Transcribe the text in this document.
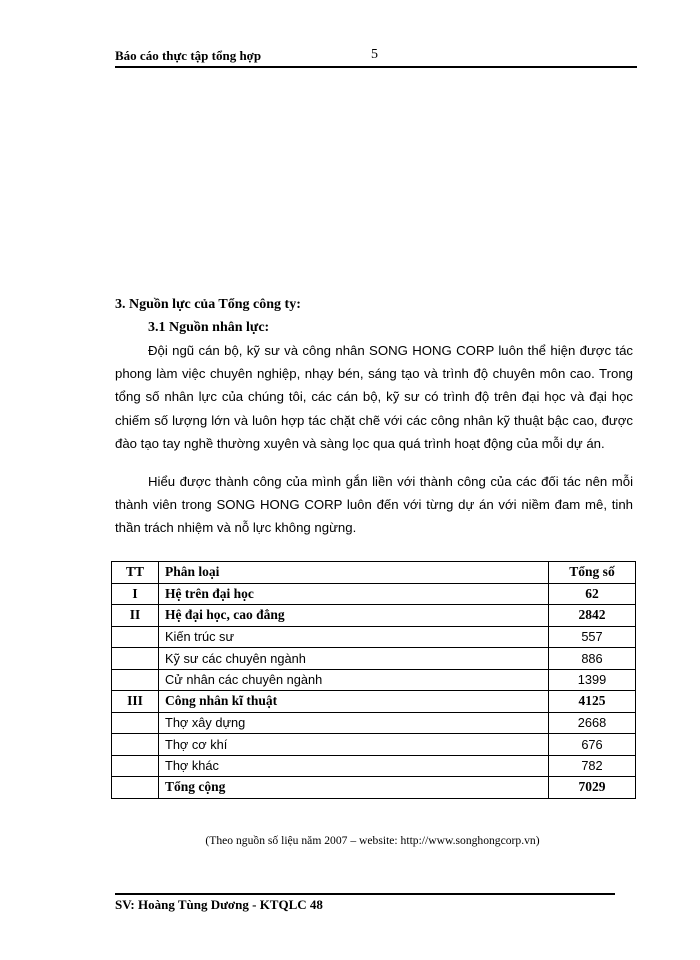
Báo cáo thực tập tổng hợp	5
3. Nguồn lực của Tổng công ty:
3.1 Nguồn nhân lực:

Đội ngũ cán bộ, kỹ sư và công nhân SONG HONG CORP luôn thể hiện được tác phong làm việc chuyên nghiệp, nhạy bén, sáng tạo và trình độ chuyên môn cao. Trong tổng số nhân lực của chúng tôi, các cán bộ, kỹ sư có trình độ trên đại học và đại học chiếm số lượng lớn và luôn hợp tác chặt chẽ với các công nhân kỹ thuật bậc cao, được đào tạo tay nghề thường xuyên và sàng lọc qua quá trình hoạt động của mỗi dự án.

Hiểu được thành công của mình gắn liền với thành công của các đối tác nên mỗi thành viên trong SONG HONG CORP luôn đến với từng dự án với niềm đam mê, tinh thần trách nhiệm và nỗ lực không ngừng.

TT	Phân loại	Tổng số
I	Hệ trên đại học	62
II	Hệ đại học, cao đẳng	2842
	Kiến trúc sư	557
	Kỹ sư các chuyên ngành	886
	Cử nhân các chuyên ngành	1399
III	Công nhân kĩ thuật	4125
	Thợ xây dựng	2668
	Thợ cơ khí	676
	Thợ khác	782
	Tổng cộng	7029
(Theo nguồn số liệu năm 2007 – website: http://www.songhongcorp.vn)
SV: Hoàng Tùng Dương - KTQLC 48
